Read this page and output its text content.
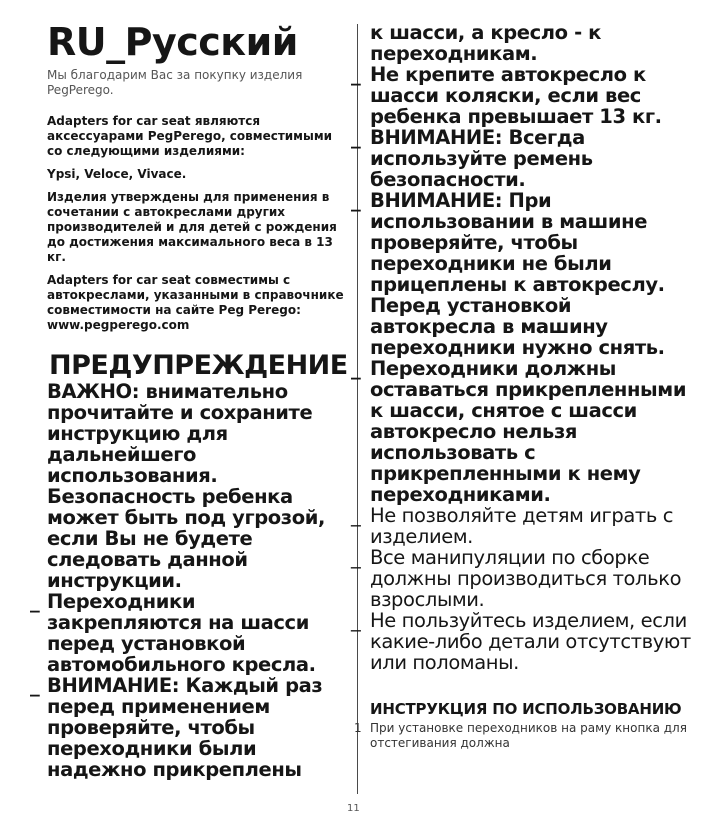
RU_Русский

Мы благодарим Вас за покупку изделия PegPerego.

Adapters for car seat являются аксессуарами PegPerego, совместимыми со следующими изделиями:

Ypsi, Veloce, Vivace.

Изделия утверждены для применения в сочетании с автокреслами других производителей и для детей с рождения до достижения максимального веса в 13 кг.

Adapters for car seat совместимы с автокреслами, указанными в справочнике совместимости на сайте Peg Perego: www.pegperego.com

ПРЕДУПРЕЖДЕНИЕ
ВАЖНО: внимательно прочитайте и сохраните инструкцию для дальнейшего использования. Безопасность ребенка может быть под угрозой, если Вы не будете следовать данной инструкции.
_ Переходники закрепляются на шасси перед установкой автомобильного кресла.
_ ВНИМАНИЕ: Каждый раз перед применением проверяйте, чтобы переходники были надежно прикреплены
к шасси, а кресло - к переходникам.
_ Не крепите автокресло к шасси коляски, если вес ребенка превышает 13 кг.
_ ВНИМАНИЕ: Всегда используйте ремень безопасности.
_ ВНИМАНИЕ: При использовании в машине проверяйте, чтобы переходники не были прицеплены к автокреслу. Перед установкой автокресла в машину переходники нужно снять.
_ Переходники должны оставаться прикрепленными к шасси, снятое с шасси автокресло нельзя использовать с прикрепленными к нему переходниками.
_ Не позволяйте детям играть с изделием.
_ Все манипуляции по сборке должны производиться только взрослыми.
_ Не пользуйтесь изделием, если какие-либо детали отсутствуют или поломаны.
ИНСТРУКЦИЯ ПО ИСПОЛЬЗОВАНИЮ
1 При установке переходников на раму кнопка для отстегивания должна
11
